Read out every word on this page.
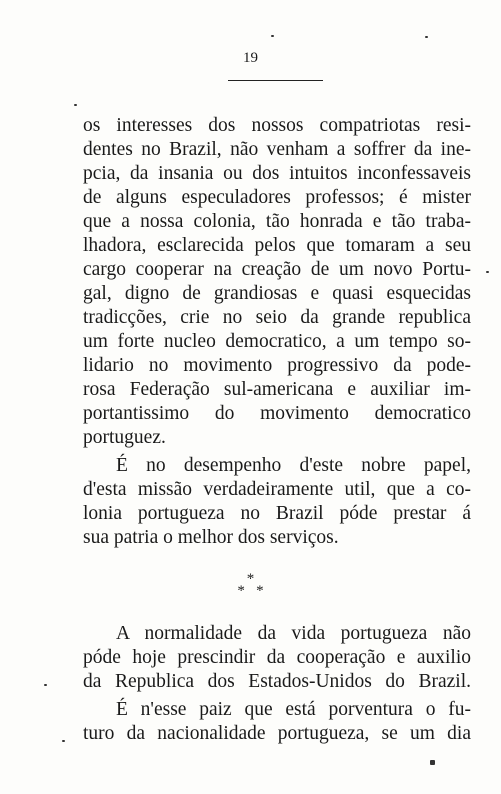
19
os interesses dos nossos compatriotas resi-
dentes no Brazil, não venham a soffrer da ine-
pcia, da insania ou dos intuitos inconfessaveis
de alguns especuladores professos; é mister
que a nossa colonia, tão honrada e tão traba-
lhadora, esclarecida pelos que tomaram a seu
cargo cooperar na creação de um novo Portu-
gal, digno de grandiosas e quasi esquecidas
tradicções, crie no seio da grande republica
um forte nucleo democratico, a um tempo so-
lidario no movimento progressivo da pode-
rosa Federação sul-americana e auxiliar im-
portantissimo do movimento democratico
portuguez.
É no desempenho d'este nobre papel,
d'esta missão verdadeiramente util, que a co-
lonia portugueza no Brazil póde prestar á
sua patria o melhor dos serviços.
*
*   *
A normalidade da vida portugueza não
póde hoje prescindir da cooperação e auxilio
da Republica dos Estados-Unidos do Brazil.
É n'esse paiz que está porventura o fu-
turo da nacionalidade portugueza, se um dia
